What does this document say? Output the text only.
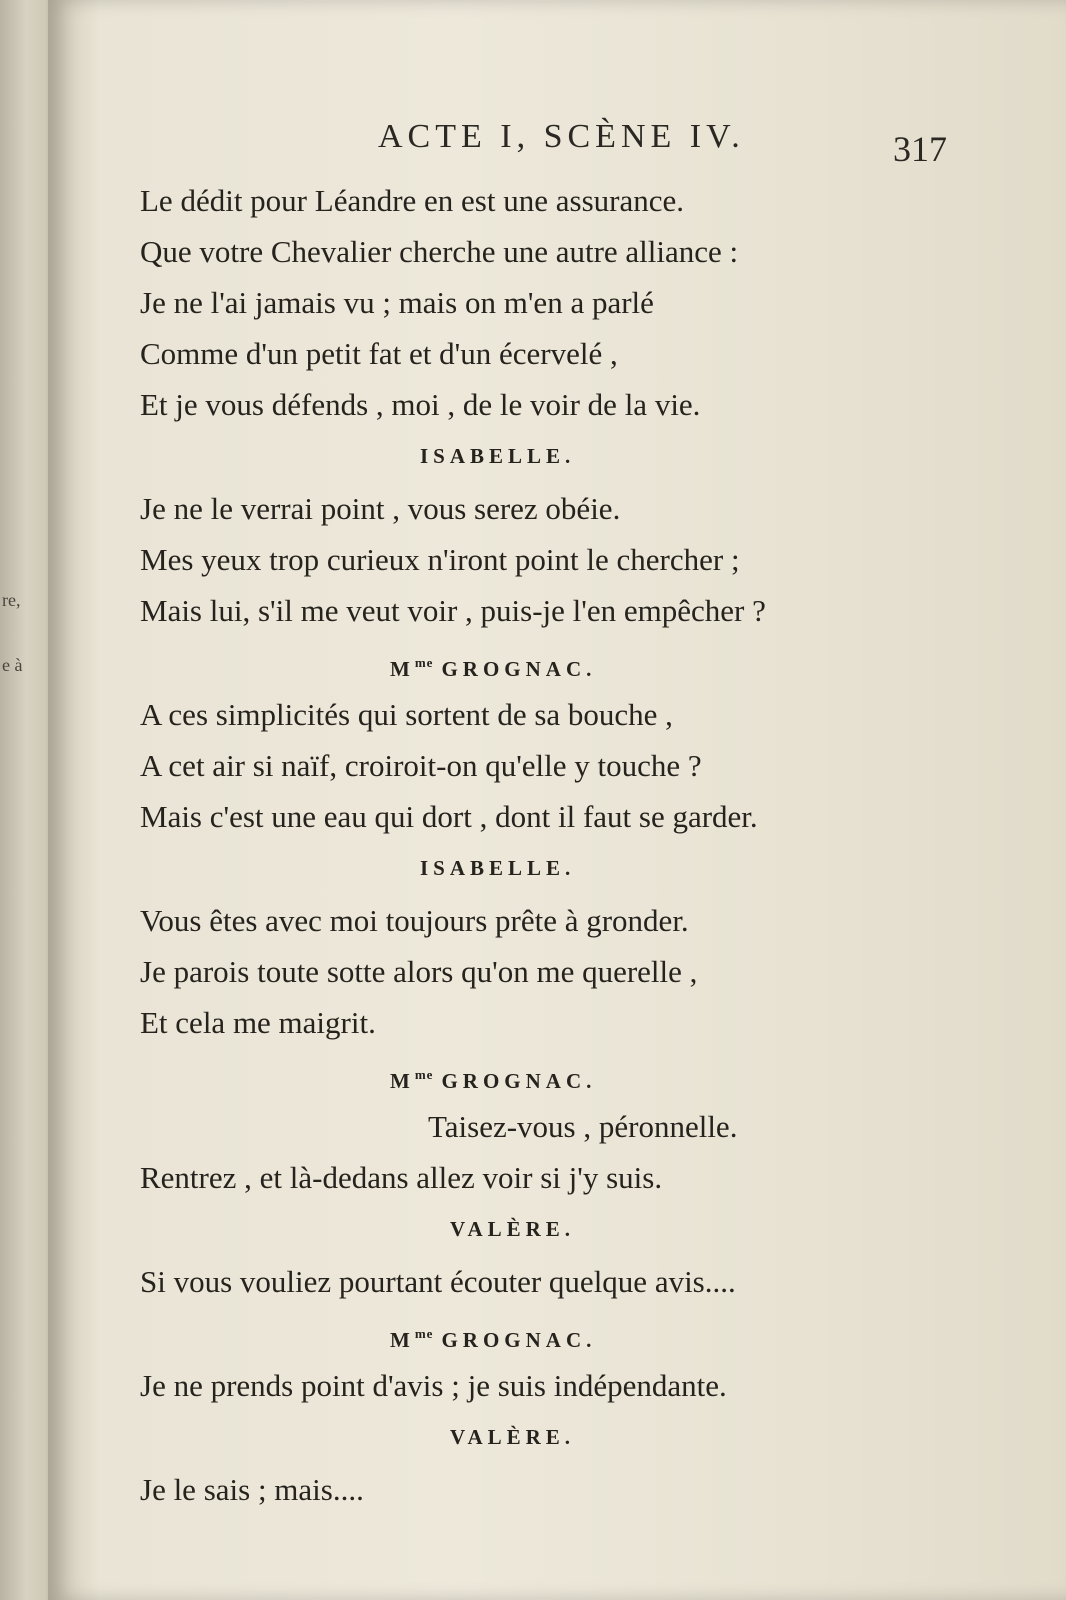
re,
e à
ACTE I, SCÈNE IV.	317
Le dédit pour Léandre en est une assurance.
Que votre Chevalier cherche une autre alliance :
Je ne l'ai jamais vu ; mais on m'en a parlé
Comme d'un petit fat et d'un écervelé ,
Et je vous défends , moi , de le voir de la vie.
ISABELLE.
Je ne le verrai point , vous serez obéie.
Mes yeux trop curieux n'iront point le chercher ;
Mais lui, s'il me veut voir , puis-je l'en empêcher ?
$M^{me}$ GROGNAC.
A ces simplicités qui sortent de sa bouche ,
A cet air si naïf, croiroit-on qu'elle y touche ?
Mais c'est une eau qui dort , dont il faut se garder.
ISABELLE.
Vous êtes avec moi toujours prête à gronder.
Je parois toute sotte alors qu'on me querelle ,
Et cela me maigrit.
$M^{me}$ GROGNAC.
Taisez-vous , péronnelle.
Rentrez , et là-dedans allez voir si j'y suis.
VALÈRE.
Si vous vouliez pourtant écouter quelque avis....
$M^{me}$ GROGNAC.
Je ne prends point d'avis ; je suis indépendante.
VALÈRE.
Je le sais ; mais....
